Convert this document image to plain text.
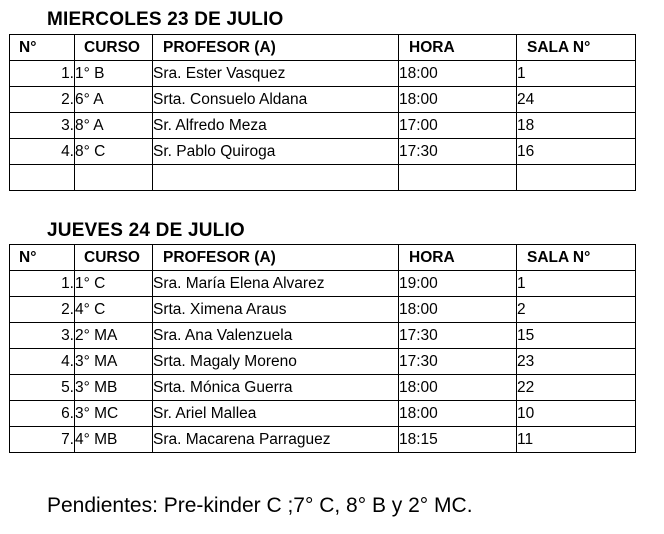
MIERCOLES 23 DE JULIO
N°	CURSO	PROFESOR (A)	HORA	SALA N°
1.	1° B	Sra. Ester Vasquez	18:00	1
2.	6° A	Srta. Consuelo Aldana	18:00	24
3.	8° A	Sr. Alfredo Meza	17:00	18
4.	8° C	Sr. Pablo Quiroga	17:30	16

JUEVES 24 DE JULIO
N°	CURSO	PROFESOR (A)	HORA	SALA N°
1.	1° C	Sra. María Elena Alvarez	19:00	1
2.	4° C	Srta. Ximena Araus	18:00	2
3.	2° MA	Sra. Ana Valenzuela	17:30	15
4.	3° MA	Srta. Magaly Moreno	17:30	23
5.	3° MB	Srta. Mónica Guerra	18:00	22
6.	3° MC	Sr. Ariel Mallea	18:00	10
7.	4° MB	Sra. Macarena Parraguez	18:15	11
Pendientes: Pre-kinder C ;7° C, 8° B y 2° MC.
